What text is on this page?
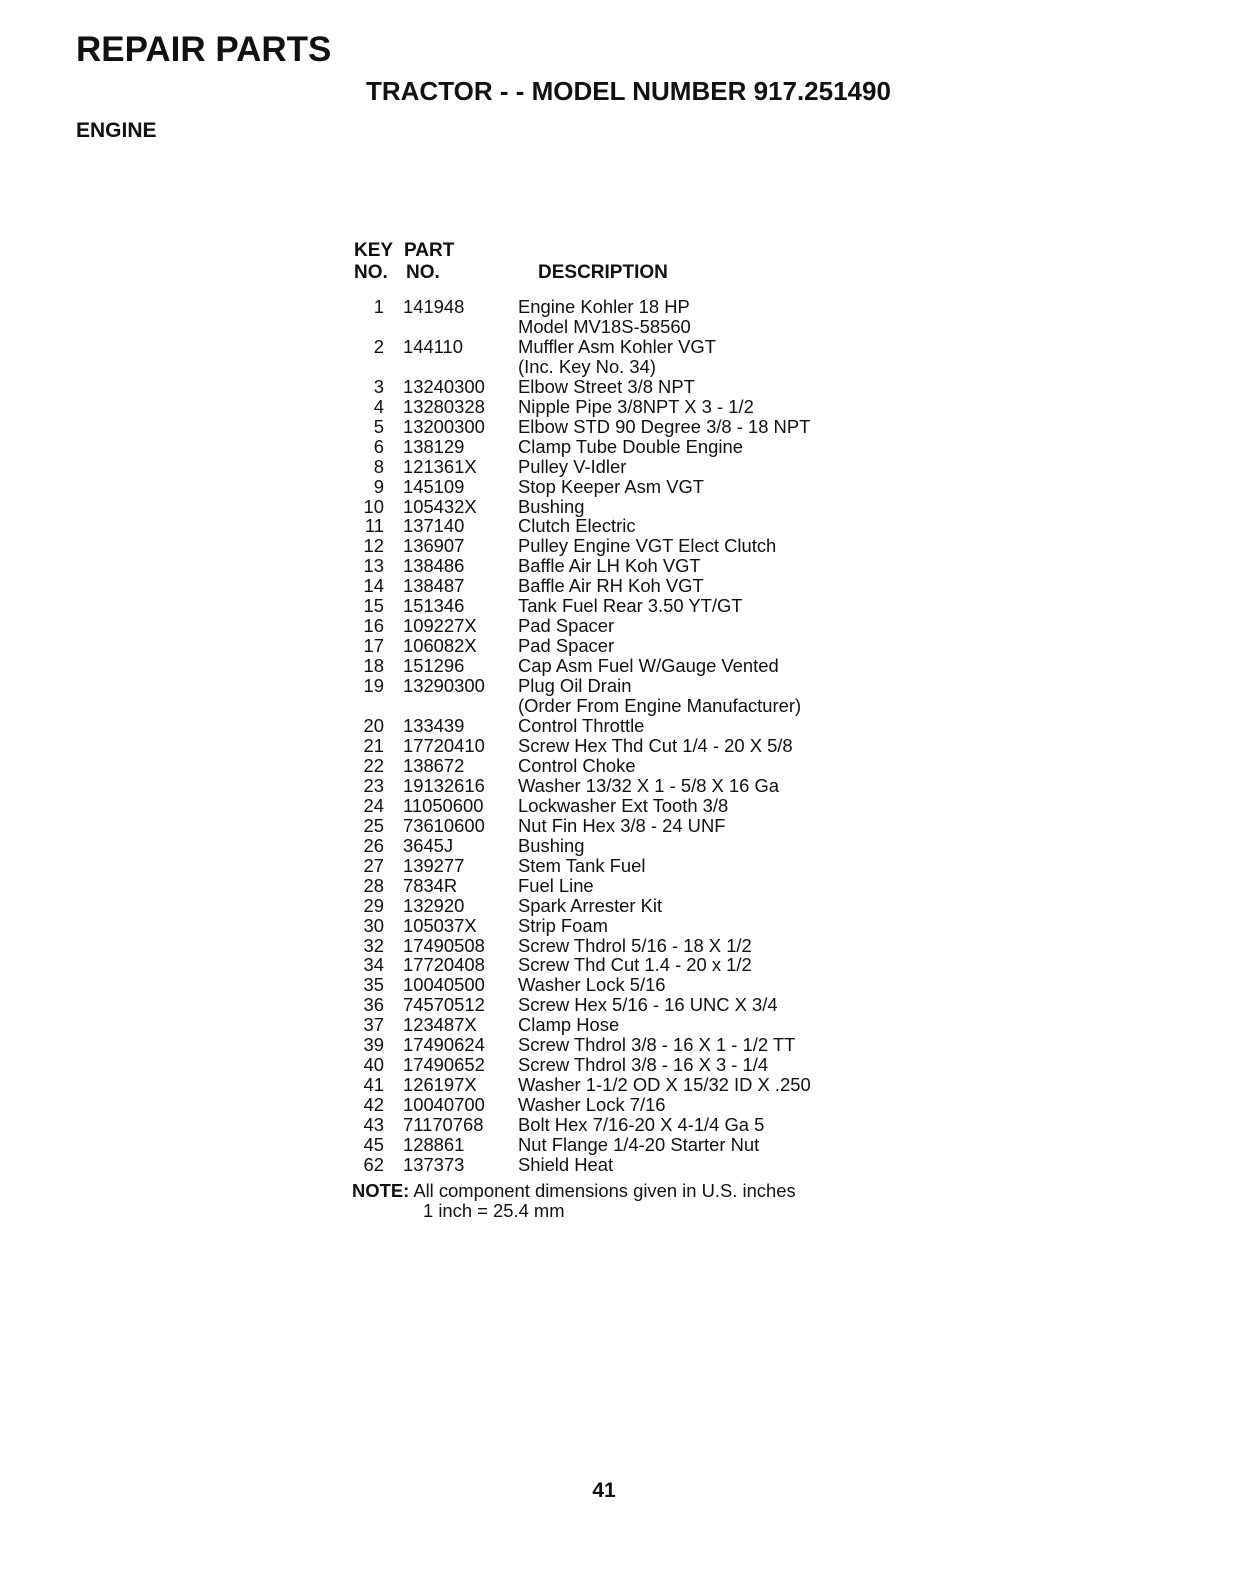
REPAIR PARTS
TRACTOR - - MODEL NUMBER 917.251490
ENGINE
KEY
NO.
PART
NO.	DESCRIPTION
1	141948	Engine Kohler 18 HP
Model MV18S-58560
2	144110	Muffler Asm Kohler VGT
(Inc. Key No. 34)
3	13240300	Elbow Street 3/8 NPT
4	13280328	Nipple Pipe 3/8NPT X 3 - 1/2
5	13200300	Elbow STD 90 Degree 3/8 - 18 NPT
6	138129	Clamp Tube Double Engine
8	121361X	Pulley V-Idler
9	145109	Stop Keeper Asm VGT
10	105432X	Bushing
11	137140	Clutch Electric
12	136907	Pulley Engine VGT Elect Clutch
13	138486	Baffle Air LH Koh VGT
14	138487	Baffle Air RH Koh VGT
15	151346	Tank Fuel Rear 3.50 YT/GT
16	109227X	Pad Spacer
17	106082X	Pad Spacer
18	151296	Cap Asm Fuel W/Gauge Vented
19	13290300	Plug Oil Drain
(Order From Engine Manufacturer)
20	133439	Control Throttle
21	17720410	Screw Hex Thd Cut 1/4 - 20 X 5/8
22	138672	Control Choke
23	19132616	Washer 13/32 X 1 - 5/8 X 16 Ga
24	11050600	Lockwasher Ext Tooth 3/8
25	73610600	Nut Fin Hex 3/8 - 24 UNF
26	3645J	Bushing
27	139277	Stem Tank Fuel
28	7834R	Fuel Line
29	132920	Spark Arrester Kit
30	105037X	Strip Foam
32	17490508	Screw Thdrol 5/16 - 18 X 1/2
34	17720408	Screw Thd Cut 1.4 - 20 x 1/2
35	10040500	Washer Lock 5/16
36	74570512	Screw Hex 5/16 - 16 UNC X 3/4
37	123487X	Clamp Hose
39	17490624	Screw Thdrol 3/8 - 16 X 1 - 1/2 TT
40	17490652	Screw Thdrol 3/8 - 16 X 3 - 1/4
41	126197X	Washer 1-1/2 OD X 15/32 ID X .250
42	10040700	Washer Lock 7/16
43	71170768	Bolt Hex 7/16-20 X 4-1/4 Ga 5
45	128861	Nut Flange 1/4-20 Starter Nut
62	137373	Shield Heat
NOTE: All component dimensions given in U.S. inches
1 inch = 25.4 mm
41
